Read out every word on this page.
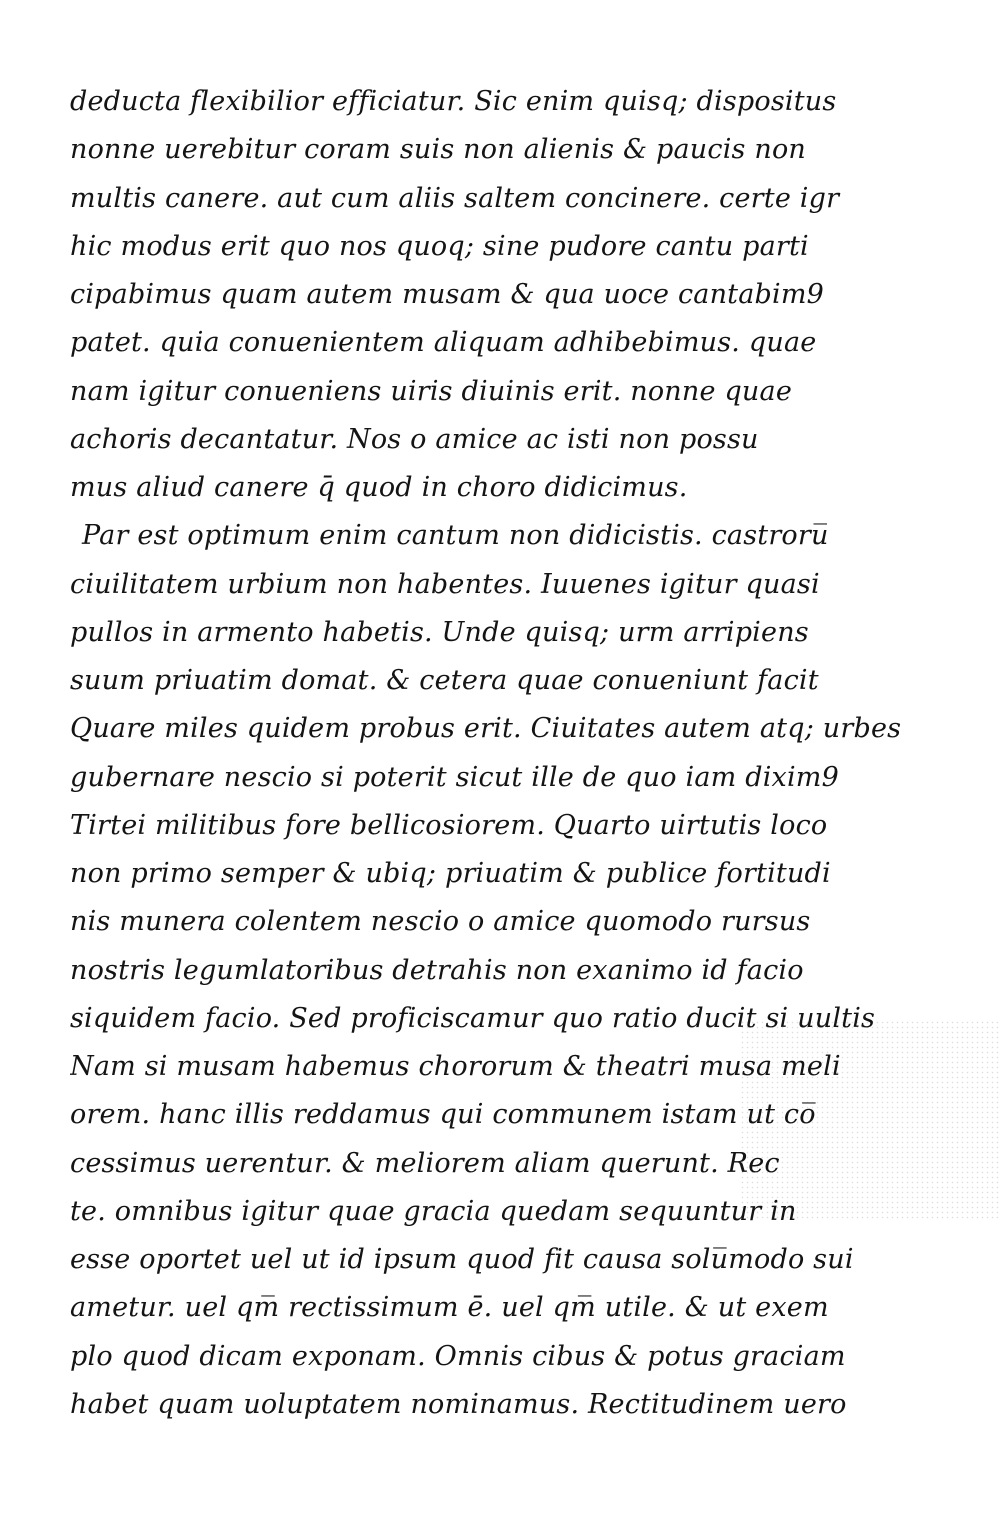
deducta flexibilior efficiatur. Sic enim quisq; dispositus
nonne uerebitur coram suis non alienis & paucis non
multis canere. aut cum aliis saltem concinere. certe igr
hic modus erit quo nos quoq; sine pudore cantu parti
cipabimus quam autem musam & qua uoce cantabim9
patet. quia conuenientem aliquam adhibebimus. quae
nam igitur conueniens uiris diuinis erit. nonne quae
achoris decantatur. Nos o amice ac isti non possu
mus aliud canere q̄ quod in choro didicimus.
Par est optimum enim cantum non didicistis. castroru̅
ciuilitatem urbium non habentes. Iuuenes igitur quasi
pullos in armento habetis. Unde quisq; urm arripiens
suum priuatim domat. & cetera quae conueniunt facit
Quare miles quidem probus erit. Ciuitates autem atq; urbes
gubernare nescio si poterit sicut ille de quo iam dixim9
Tirtei militibus fore bellicosiorem. Quarto uirtutis loco
non primo semper & ubiq; priuatim & publice fortitudi
nis munera colentem nescio o amice quomodo rursus
nostris legumlatoribus detrahis non exanimo id facio
siquidem facio. Sed proficiscamur quo ratio ducit si uultis
Nam si musam habemus chororum & theatri musa meli
orem. hanc illis reddamus qui communem istam ut co̅
cessimus uerentur. & meliorem aliam querunt. Rec
te. omnibus igitur quae gracia quedam sequuntur in
esse oportet uel ut id ipsum quod fit causa solu̅modo sui
ametur. uel qm̅ rectissimum ē. uel qm̅ utile. & ut exem
plo quod dicam exponam. Omnis cibus & potus graciam
habet quam uoluptatem nominamus. Rectitudinem uero
